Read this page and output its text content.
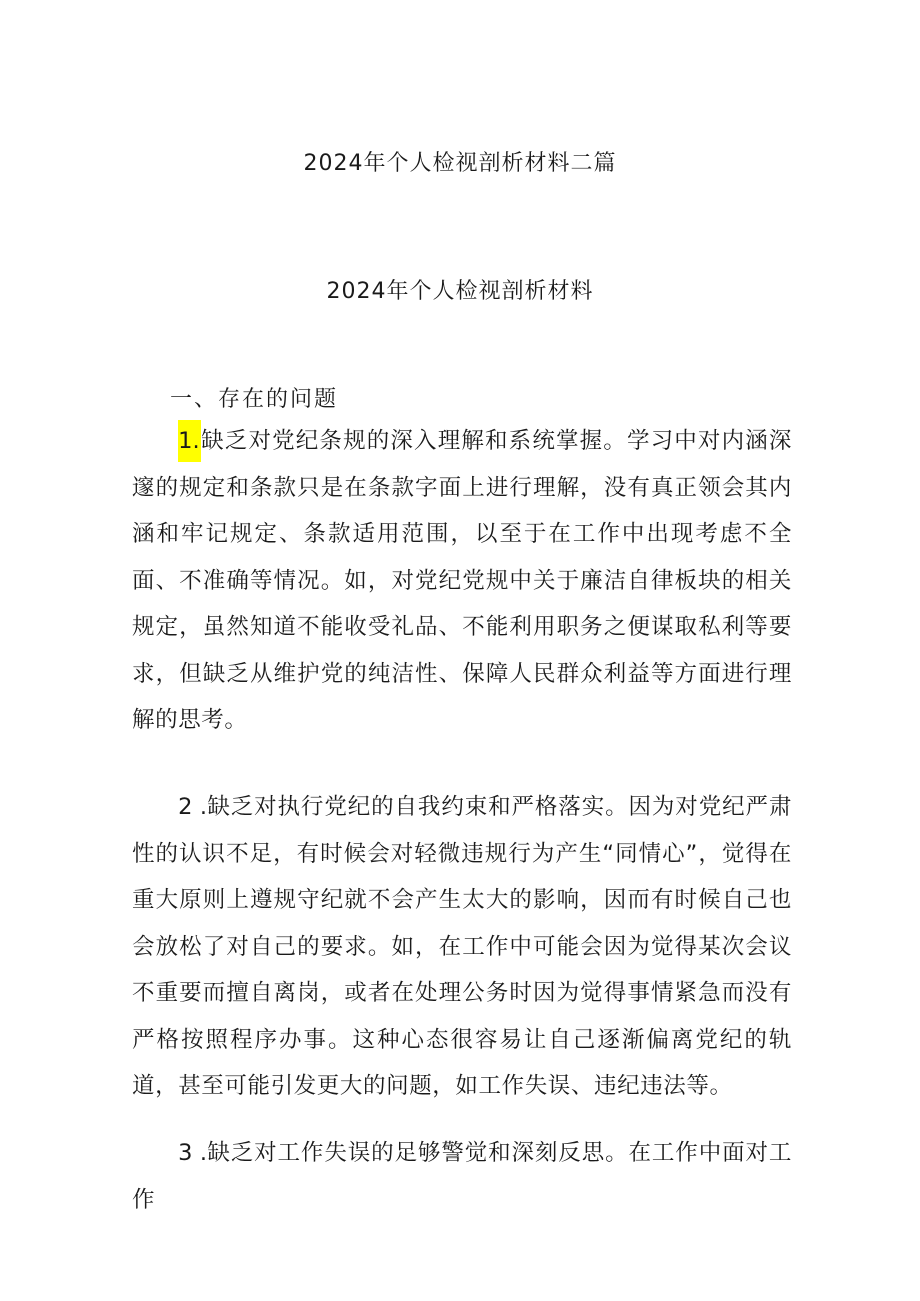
2024年个人检视剖析材料二篇
2024年个人检视剖析材料
一、存在的问题

1.缺乏对党纪条规的深入理解和系统掌握。学习中对内涵深邃的规定和条款只是在条款字面上进行理解，没有真正领会其内涵和牢记规定、条款适用范围，以至于在工作中出现考虑不全面、不准确等情况。如，对党纪党规中关于廉洁自律板块的相关规定，虽然知道不能收受礼品、不能利用职务之便谋取私利等要求，但缺乏从维护党的纯洁性、保障人民群众利益等方面进行理解的思考。

2 .缺乏对执行党纪的自我约束和严格落实。因为对党纪严肃性的认识不足，有时候会对轻微违规行为产生“同情心”，觉得在重大原则上遵规守纪就不会产生太大的影响，因而有时候自己也会放松了对自己的要求。如，在工作中可能会因为觉得某次会议不重要而擅自离岗，或者在处理公务时因为觉得事情紧急而没有严格按照程序办事。这种心态很容易让自己逐渐偏离党纪的轨道，甚至可能引发更大的问题，如工作失误、违纪违法等。

3 .缺乏对工作失误的足够警觉和深刻反思。在工作中面对工作
